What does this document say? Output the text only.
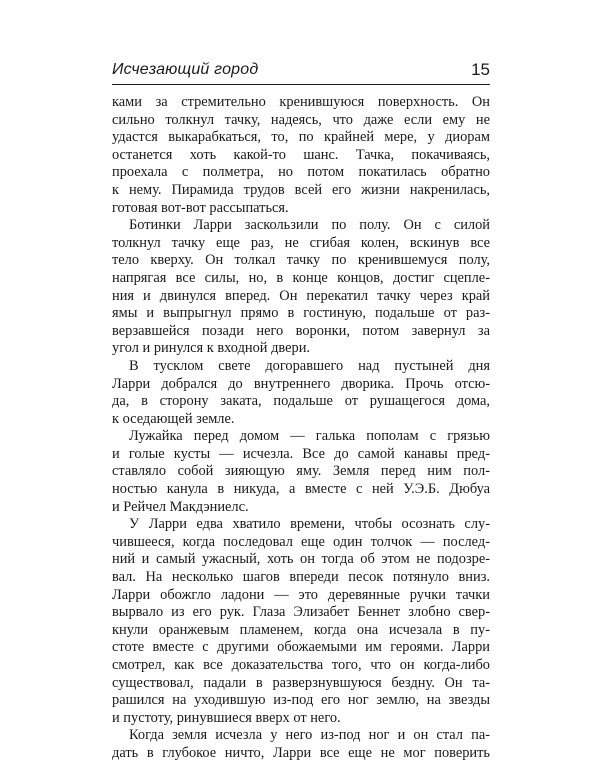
Исчезающий город	15
ками за стремительно кренившуюся поверхность. Он
сильно толкнул тачку, надеясь, что даже если ему не
удастся выкарабкаться, то, по крайней мере, у диорам
останется хоть какой-то шанс. Тачка, покачиваясь,
проехала с полметра, но потом покатилась обратно
к нему. Пирамида трудов всей его жизни накренилась,
готовая вот-вот рассыпаться.
Ботинки Ларри заскользили по полу. Он с силой
толкнул тачку еще раз, не сгибая колен, вскинув все
тело кверху. Он толкал тачку по кренившемуся полу,
напрягая все силы, но, в конце концов, достиг сцепле-
ния и двинулся вперед. Он перекатил тачку через край
ямы и выпрыгнул прямо в гостиную, подальше от раз-
верзавшейся позади него воронки, потом завернул за
угол и ринулся к входной двери.
В тусклом свете догоравшего над пустыней дня
Ларри добрался до внутреннего дворика. Прочь отсю-
да, в сторону заката, подальше от рушащегося дома,
к оседающей земле.
Лужайка перед домом — галька пополам с грязью
и голые кусты — исчезла. Все до самой канавы пред-
ставляло собой зияющую яму. Земля перед ним пол-
ностью канула в никуда, а вместе с ней У.Э.Б. Дюбуа
и Рейчел Макдэниелс.
У Ларри едва хватило времени, чтобы осознать слу-
чившееся, когда последовал еще один толчок — послед-
ний и самый ужасный, хоть он тогда об этом не подозре-
вал. На несколько шагов впереди песок потянуло вниз.
Ларри обожгло ладони — это деревянные ручки тачки
вырвало из его рук. Глаза Элизабет Беннет злобно свер-
кнули оранжевым пламенем, когда она исчезала в пу-
стоте вместе с другими обожаемыми им героями. Ларри
смотрел, как все доказательства того, что он когда-либо
существовал, падали в разверзнувшуюся бездну. Он та-
рашился на уходившую из-под его ног землю, на звезды
и пустоту, ринувшиеся вверх от него.
Когда земля исчезла у него из-под ног и он стал па-
дать в глубокое ничто, Ларри все еще не мог поверить
